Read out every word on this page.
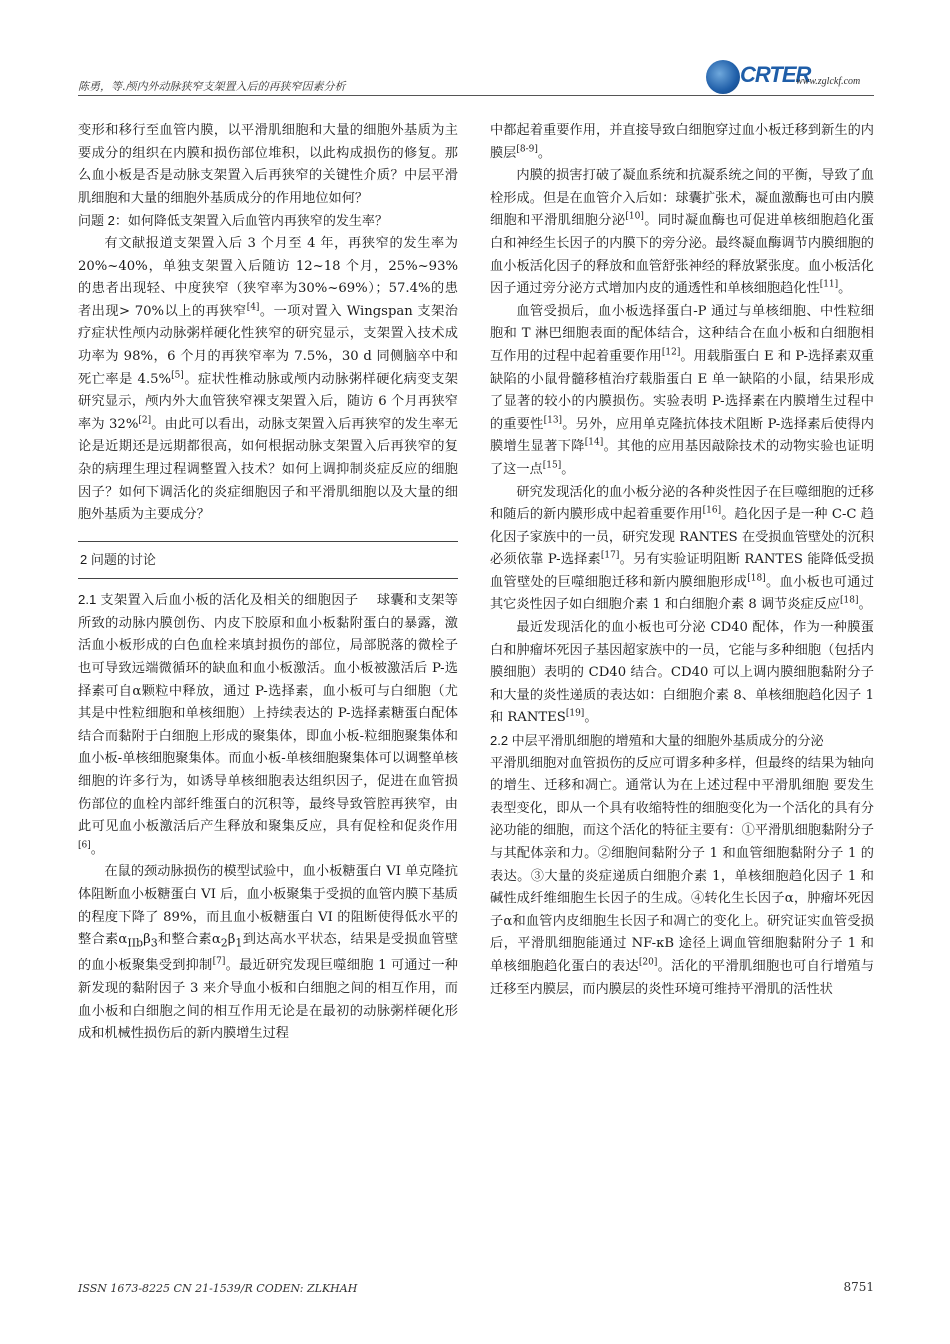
陈勇，等.颅内外动脉狭窄支架置入后的再狭窄因素分析	CRTER
www.zglckf.com

变形和移行至血管内膜，以平滑肌细胞和大量的细胞外基质为主要成分的组织在内膜和损伤部位堆积，以此构成损伤的修复。那么血小板是否是动脉支架置入后再狭窄的关键性介质？中层平滑肌细胞和大量的细胞外基质成分的作用地位如何？

问题 2：如何降低支架置入后血管内再狭窄的发生率？

有文献报道支架置入后 3 个月至 4 年，再狭窄的发生率为 20%~40%，单独支架置入后随访 12~18 个月，25%~93% 的患者出现轻、中度狭窄（狭窄率为30%~69%）；57.4%的患者出现> 70%以上的再狭窄[4]。一项对置入 Wingspan 支架治疗症状性颅内动脉粥样硬化性狭窄的研究显示，支架置入技术成功率为 98%，6 个月的再狭窄率为 7.5%，30 d 同侧脑卒中和死亡率是 4.5%[5]。症状性椎动脉或颅内动脉粥样硬化病变支架研究显示，颅内外大血管狭窄裸支架置入后，随访 6 个月再狭窄率为 32%[2]。由此可以看出，动脉支架置入后再狭窄的发生率无论是近期还是远期都很高，如何根据动脉支架置入后再狭窄的复杂的病理生理过程调整置入技术？如何上调抑制炎症反应的细胞因子？如何下调活化的炎症细胞因子和平滑肌细胞以及大量的细胞外基质为主要成分？

2 问题的讨论

2.1 支架置入后血小板的活化及相关的细胞因子 球囊和支架等所致的动脉内膜创伤、内皮下胶原和血小板黏附蛋白的暴露，激活血小板形成的白色血栓来填封损伤的部位，局部脱落的微栓子也可导致远端微循环的缺血和血小板激活。血小板被激活后 P-选择素可自α颗粒中释放，通过 P-选择素，血小板可与白细胞（尤其是中性粒细胞和单核细胞）上持续表达的 P-选择素糖蛋白配体结合而黏附于白细胞上形成的聚集体，即血小板-粒细胞聚集体和血小板-单核细胞聚集体。而血小板-单核细胞聚集体可以调整单核细胞的许多行为，如诱导单核细胞表达组织因子，促进在血管损伤部位的血栓内部纤维蛋白的沉积等，最终导致管腔再狭窄，由此可见血小板激活后产生释放和聚集反应，具有促栓和促炎作用[6]。

在鼠的颈动脉损伤的模型试验中，血小板糖蛋白 VI 单克隆抗体阻断血小板糖蛋白 VI 后，血小板聚集于受损的血管内膜下基质的程度下降了 89%，而且血小板糖蛋白 VI 的阻断使得低水平的整合素$\alpha_{IIb}\beta_3$和整合素$\alpha_2\beta_1$到达高水平状态，结果是受损血管壁的血小板聚集受到抑制[7]。最近研究发现巨噬细胞 1 可通过一种新发现的黏附因子 3 来介导血小板和白细胞之间的相互作用，而血小板和白细胞之间的相互作用无论是在最初的动脉粥样硬化形成和机械性损伤后的新内膜增生过程

中都起着重要作用，并直接导致白细胞穿过血小板迁移到新生的内膜层[8-9]。

内膜的损害打破了凝血系统和抗凝系统之间的平衡，导致了血栓形成。但是在血管介入后如：球囊扩张术，凝血激酶也可由内膜细胞和平滑肌细胞分泌[10]。同时凝血酶也可促进单核细胞趋化蛋白和神经生长因子的内膜下的旁分泌。最终凝血酶调节内膜细胞的血小板活化因子的释放和血管舒张神经的释放紧张度。血小板活化因子通过旁分泌方式增加内皮的通透性和单核细胞趋化性[11]。

血管受损后，血小板选择蛋白-P 通过与单核细胞、中性粒细胞和 T 淋巴细胞表面的配体结合，这种结合在血小板和白细胞相互作用的过程中起着重要作用[12]。用载脂蛋白 E 和 P-选择素双重缺陷的小鼠骨髓移植治疗载脂蛋白 E 单一缺陷的小鼠，结果形成了显著的较小的内膜损伤。实验表明 P-选择素在内膜增生过程中的重要性[13]。另外，应用单克隆抗体技术阻断 P-选择素后使得内膜增生显著下降[14]。其他的应用基因敲除技术的动物实验也证明了这一点[15]。

研究发现活化的血小板分泌的各种炎性因子在巨噬细胞的迁移和随后的新内膜形成中起着重要作用[16]。趋化因子是一种 C-C 趋化因子家族中的一员，研究发现 RANTES 在受损血管壁处的沉积必须依靠 P-选择素[17]。另有实验证明阻断 RANTES 能降低受损血管壁处的巨噬细胞迁移和新内膜细胞形成[18]。血小板也可通过其它炎性因子如白细胞介素 1 和白细胞介素 8 调节炎症反应[18]。

最近发现活化的血小板也可分泌 CD40 配体，作为一种膜蛋白和肿瘤坏死因子基因超家族中的一员，它能与多种细胞（包括内膜细胞）表明的 CD40 结合。CD40 可以上调内膜细胞黏附分子和大量的炎性递质的表达如：白细胞介素 8、单核细胞趋化因子 1 和 RANTES[19]。

2.2 中层平滑肌细胞的增殖和大量的细胞外基质成分的分泌

平滑肌细胞对血管损伤的反应可谓多种多样，但最终的结果为轴向的增生、迁移和凋亡。通常认为在上述过程中平滑肌细胞 要发生表型变化，即从一个具有收缩特性的细胞变化为一个活化的具有分泌功能的细胞，而这个活化的特征主要有：①平滑肌细胞黏附分子与其配体亲和力。②细胞间黏附分子 1 和血管细胞黏附分子 1 的表达。③大量的炎症递质白细胞介素 1，单核细胞趋化因子 1 和碱性成纤维细胞生长因子的生成。④转化生长因子α，肿瘤坏死因子α和血管内皮细胞生长因子和凋亡的变化上。研究证实血管受损后，平滑肌细胞能通过 NF-κB 途径上调血管细胞黏附分子 1 和单核细胞趋化蛋白的表达[20]。活化的平滑肌细胞也可自行增殖与迁移至内膜层，而内膜层的炎性环境可维持平滑肌的活性状

ISSN 1673-8225 CN 21-1539/R CODEN: ZLKHAH	8751
